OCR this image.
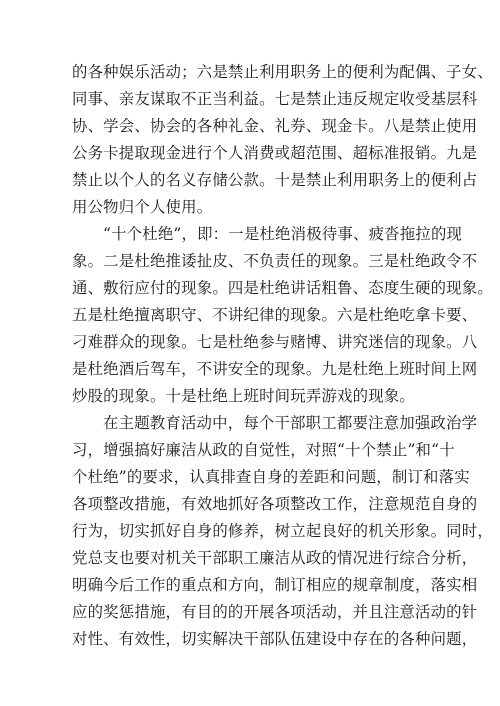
的各种娱乐活动；六是禁止利用职务上的便利为配偶、子女、
同事、亲友谋取不正当利益。七是禁止违反规定收受基层科
协、学会、协会的各种礼金、礼券、现金卡。八是禁止使用
公务卡提取现金进行个人消费或超范围、超标准报销。九是
禁止以个人的名义存储公款。十是禁止利用职务上的便利占
用公物归个人使用。
“十个杜绝”，即：一是杜绝消极待事、疲沓拖拉的现
象。二是杜绝推诿扯皮、不负责任的现象。三是杜绝政令不
通、敷衍应付的现象。四是杜绝讲话粗鲁、态度生硬的现象。
五是杜绝擅离职守、不讲纪律的现象。六是杜绝吃拿卡要、
刁难群众的现象。七是杜绝参与赌博、讲究迷信的现象。八
是杜绝酒后驾车，不讲安全的现象。九是杜绝上班时间上网
炒股的现象。十是杜绝上班时间玩弄游戏的现象。
在主题教育活动中，每个干部职工都要注意加强政治学
习，增强搞好廉洁从政的自觉性，对照“十个禁止”和“十
个杜绝”的要求，认真排查自身的差距和问题，制订和落实
各项整改措施，有效地抓好各项整改工作，注意规范自身的
行为，切实抓好自身的修养，树立起良好的机关形象。同时，
党总支也要对机关干部职工廉洁从政的情况进行综合分析，
明确今后工作的重点和方向，制订相应的规章制度，落实相
应的奖惩措施，有目的的开展各项活动，并且注意活动的针
对性、有效性，切实解决干部队伍建设中存在的各种问题，
